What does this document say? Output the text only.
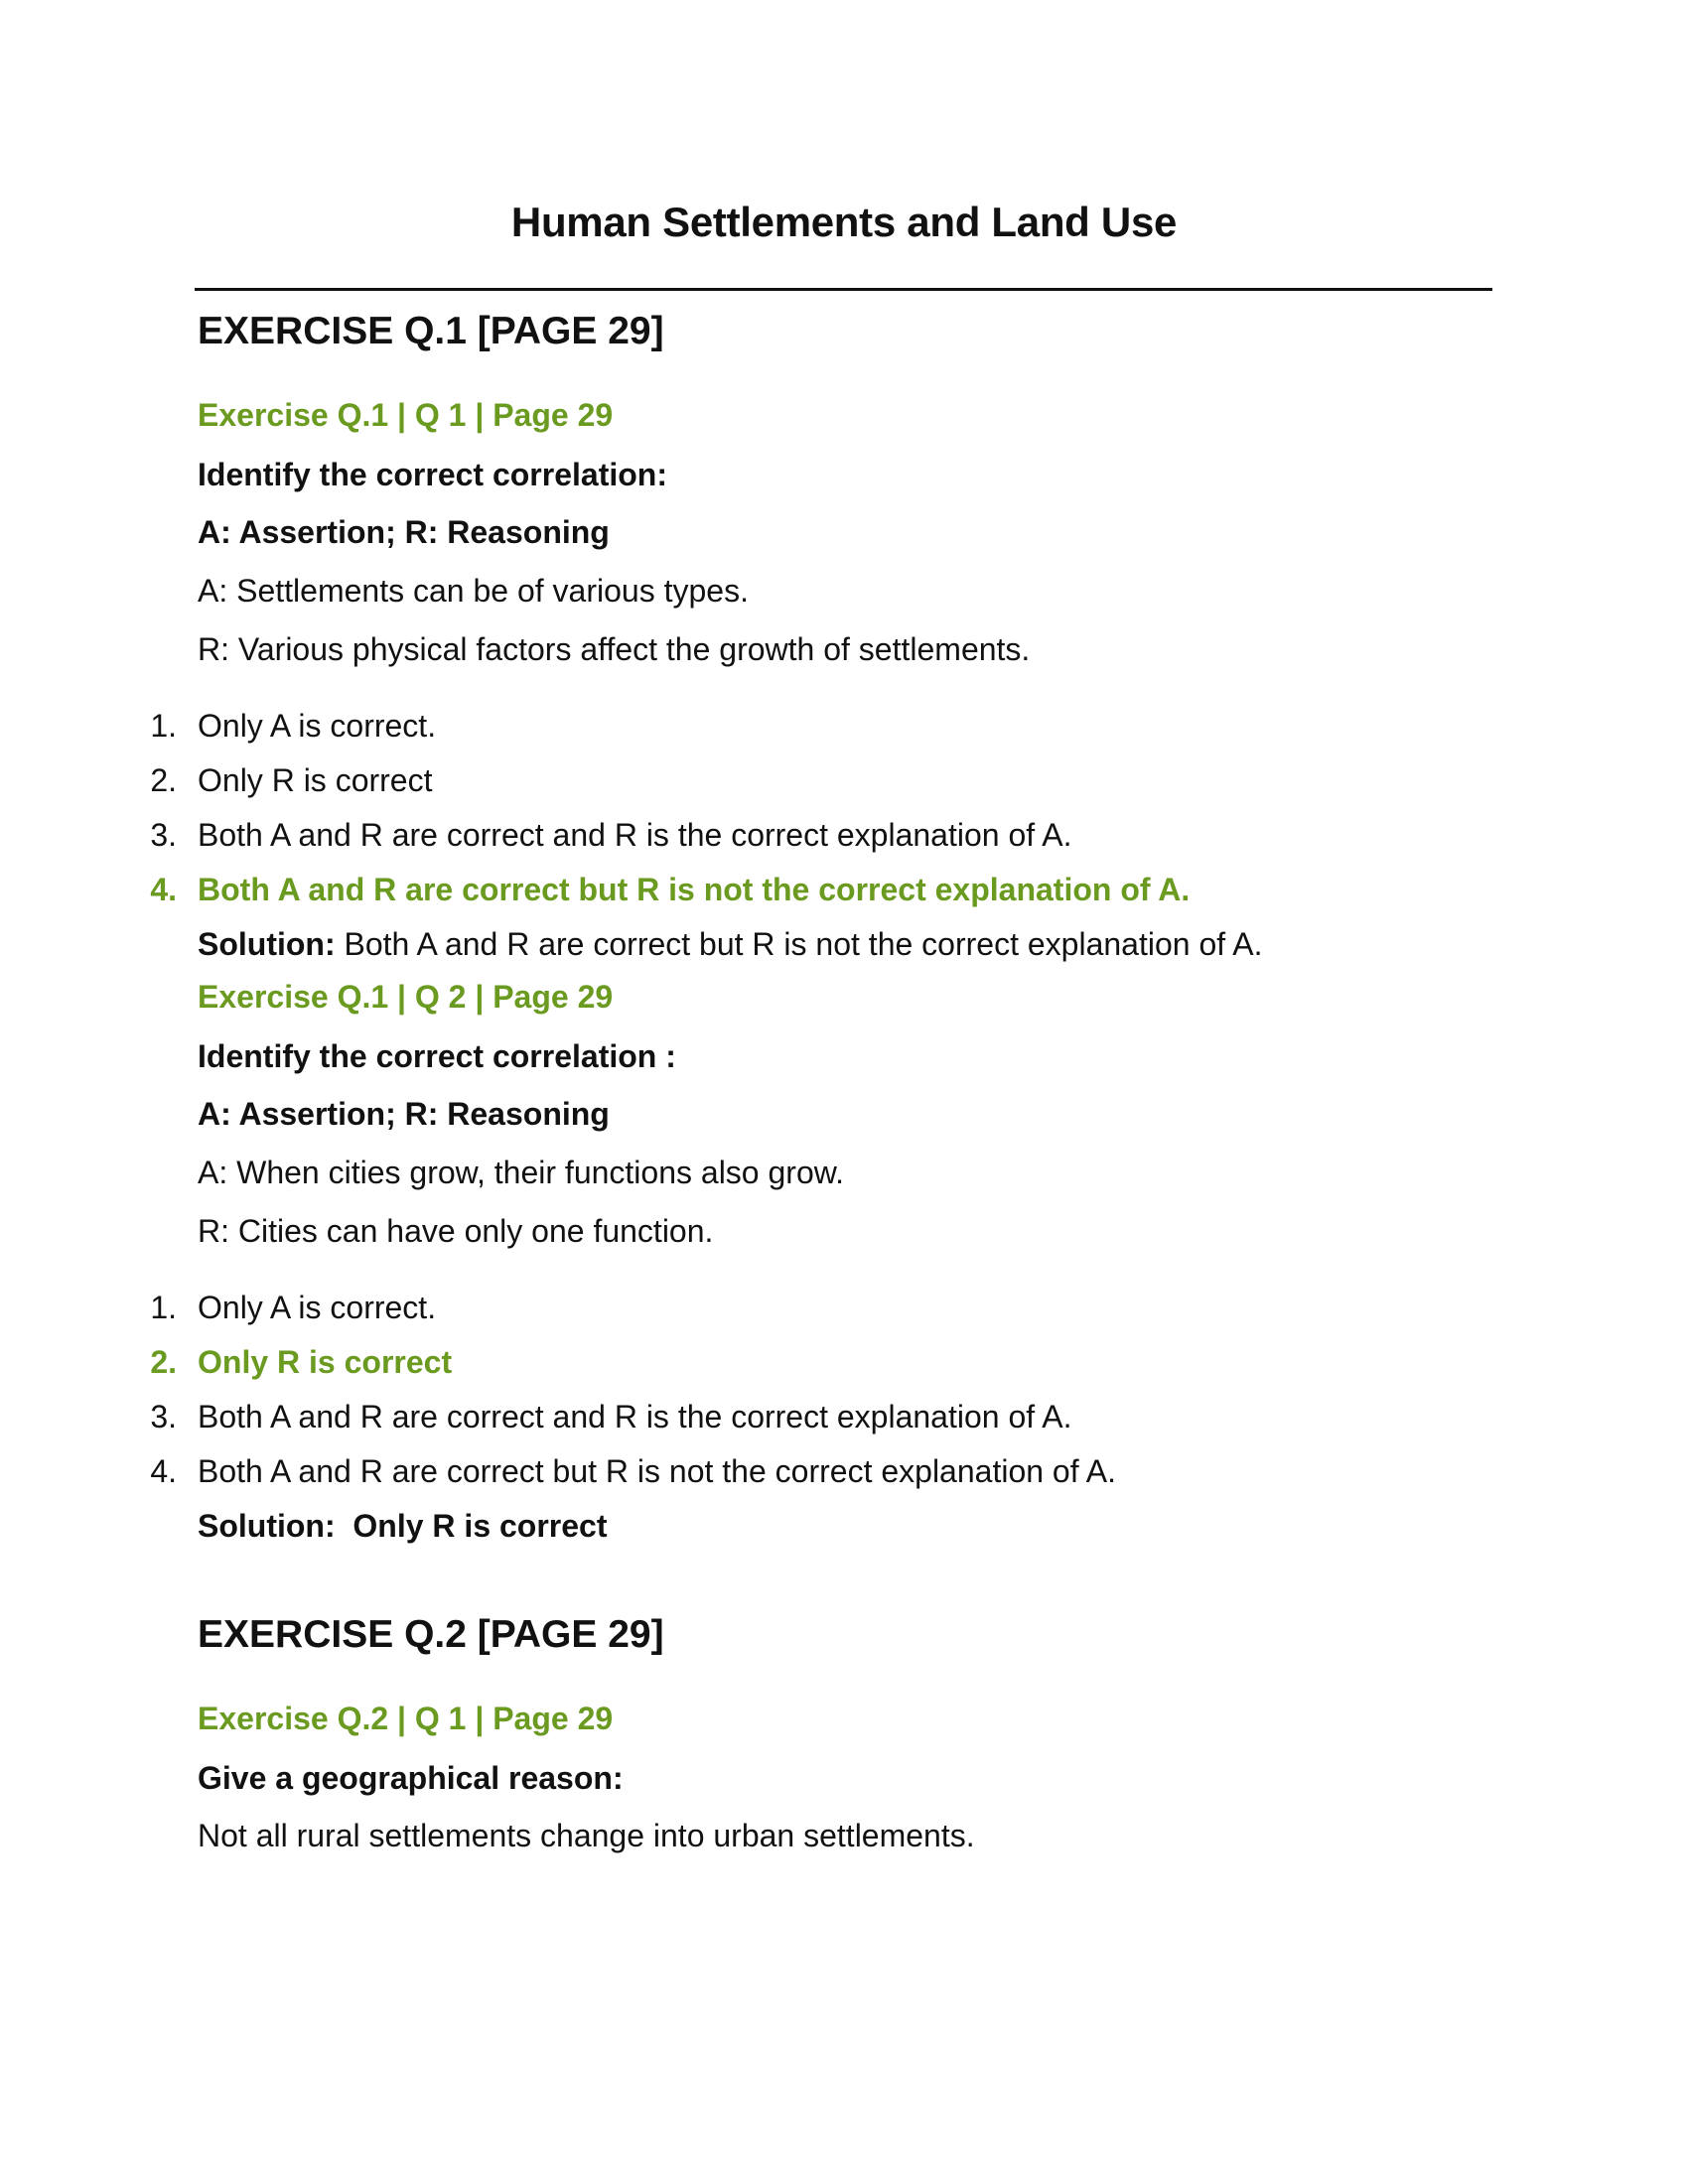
Human Settlements and Land Use
EXERCISE Q.1 [PAGE 29]
Exercise Q.1 | Q 1 | Page 29
Identify the correct correlation:
A: Assertion; R: Reasoning
A: Settlements can be of various types.
R: Various physical factors affect the growth of settlements.
1. Only A is correct.
2. Only R is correct
3. Both A and R are correct and R is the correct explanation of A.
4. Both A and R are correct but R is not the correct explanation of A.
Solution: Both A and R are correct but R is not the correct explanation of A.
Exercise Q.1 | Q 2 | Page 29
Identify the correct correlation :
A: Assertion; R: Reasoning
A: When cities grow, their functions also grow.
R: Cities can have only one function.
1. Only A is correct.
2. Only R is correct
3. Both A and R are correct and R is the correct explanation of A.
4. Both A and R are correct but R is not the correct explanation of A.
Solution:  Only R is correct
EXERCISE Q.2 [PAGE 29]
Exercise Q.2 | Q 1 | Page 29
Give a geographical reason:
Not all rural settlements change into urban settlements.
